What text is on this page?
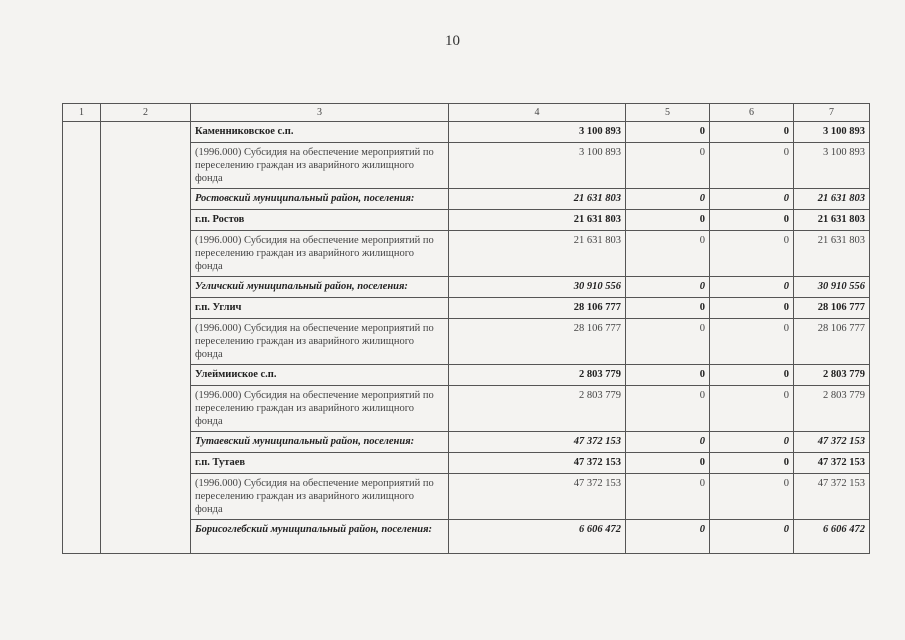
10
1	2	3	4	5	6	7
		Каменниковское с.п.	3 100 893	0	0	3 100 893
		(1996.000) Субсидия на обеспечение мероприятий по переселению граждан из аварийного жилищного фонда	3 100 893	0	0	3 100 893
		Ростовский муниципальный район, поселения:	21 631 803	0	0	21 631 803
		г.п. Ростов	21 631 803	0	0	21 631 803
		(1996.000) Субсидия на обеспечение мероприятий по переселению граждан из аварийного жилищного фонда	21 631 803	0	0	21 631 803
		Угличский муниципальный район, поселения:	30 910 556	0	0	30 910 556
		г.п. Углич	28 106 777	0	0	28 106 777
		(1996.000) Субсидия на обеспечение мероприятий по переселению граждан из аварийного жилищного фонда	28 106 777	0	0	28 106 777
		Улеймииское с.п.	2 803 779	0	0	2 803 779
		(1996.000) Субсидия на обеспечение мероприятий по переселению граждан из аварийного жилищного фонда	2 803 779	0	0	2 803 779
		Тутаевский муниципальный район, поселения:	47 372 153	0	0	47 372 153
		г.п. Тутаев	47 372 153	0	0	47 372 153
		(1996.000) Субсидия на обеспечение мероприятий по переселению граждан из аварийного жилищного фонда	47 372 153	0	0	47 372 153
		Борисоглебский муниципальный район, поселения:	6 606 472	0	0	6 606 472
